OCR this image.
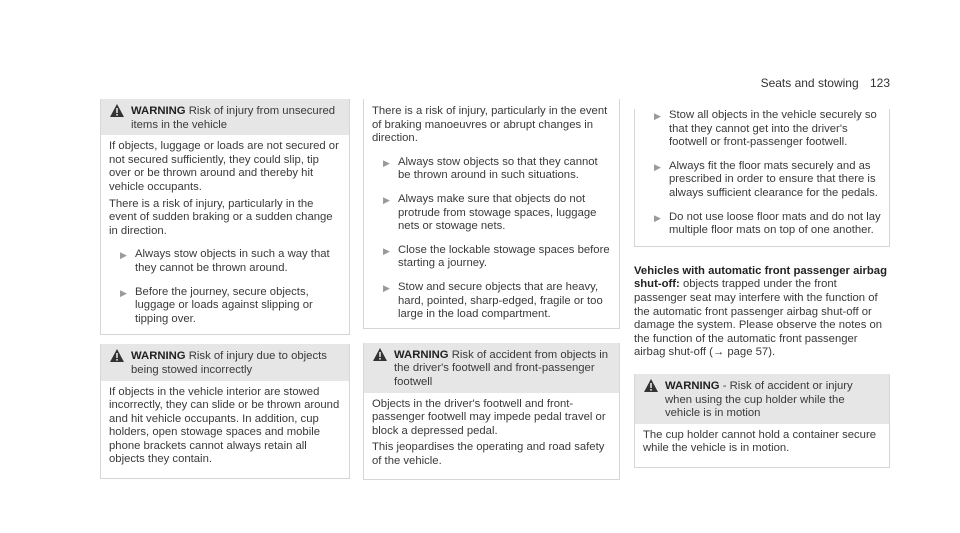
Seats and stowing 123
WARNING Risk of injury from unsecured items in the vehicle

If objects, luggage or loads are not secured or not secured sufficiently, they could slip, tip over or be thrown around and thereby hit vehicle occupants.

There is a risk of injury, particularly in the event of sudden braking or a sudden change in direction.

▶ Always stow objects in such a way that they cannot be thrown around.
▶ Before the journey, secure objects, luggage or loads against slipping or tipping over.
WARNING Risk of injury due to objects being stowed incorrectly

If objects in the vehicle interior are stowed incorrectly, they can slide or be thrown around and hit vehicle occupants. In addition, cup holders, open stowage spaces and mobile phone brackets cannot always retain all objects they contain.

There is a risk of injury, particularly in the event of braking manoeuvres or abrupt changes in direction.

▶ Always stow objects so that they cannot be thrown around in such situations.
▶ Always make sure that objects do not protrude from stowage spaces, luggage nets or stowage nets.
▶ Close the lockable stowage spaces before starting a journey.
▶ Stow and secure objects that are heavy, hard, pointed, sharp-edged, fragile or too large in the load compartment.
WARNING Risk of accident from objects in the driver's footwell and front-passenger footwell

Objects in the driver's footwell and front-passenger footwell may impede pedal travel or block a depressed pedal.

This jeopardises the operating and road safety of the vehicle.

▶ Stow all objects in the vehicle securely so that they cannot get into the driver's footwell or front-passenger footwell.
▶ Always fit the floor mats securely and as prescribed in order to ensure that there is always sufficient clearance for the pedals.
▶ Do not use loose floor mats and do not lay multiple floor mats on top of one another.
Vehicles with automatic front passenger airbag shut-off: objects trapped under the front passenger seat may interfere with the function of the automatic front passenger airbag shut-off or damage the system. Please observe the notes on the function of the automatic front passenger airbag shut-off (→ page 57).
WARNING - Risk of accident or injury when using the cup holder while the vehicle is in motion

The cup holder cannot hold a container secure while the vehicle is in motion.
